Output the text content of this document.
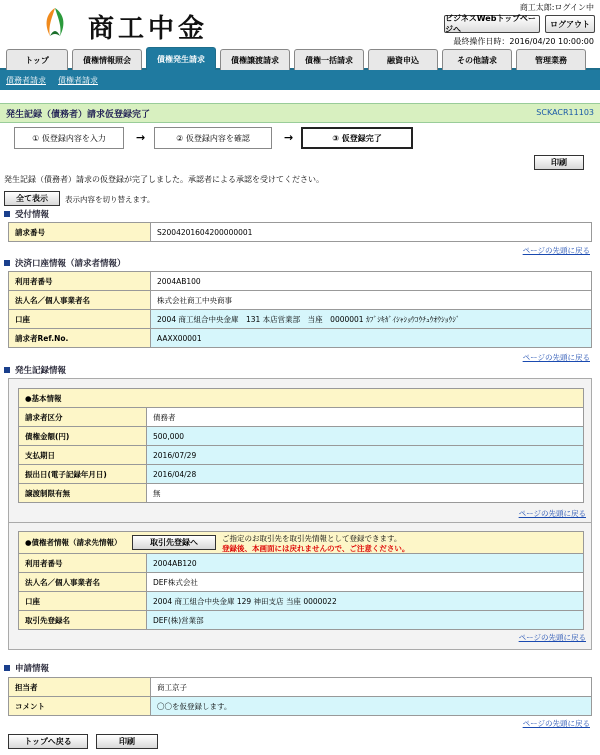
商工中金
商工太郎:ログイン中
ビジネスWebトップページへ
ログアウト
最終操作日時：2016/04/20 10:00:00
トップ	債権情報照会	債権発生請求	債権譲渡請求	債権一括請求	融資申込	その他請求	管理業務
債務者請求 債権者請求
発生記録（債務者）請求仮登録完了	SCKACR11103
① 仮登録内容を入力	→	② 仮登録内容を確認	→	③ 仮登録完了
印刷
発生記録（債務者）請求の仮登録が完了しました。承認者による承認を受けてください。
全て表示	表示内容を切り替えます。
受付情報
請求番号	S2004201604200000001
ページの先頭に戻る
決済口座情報（請求者情報）
利用者番号	2004AB100
法人名／個人事業者名	株式会社商工中央商事
口座	2004 商工組合中央金庫　131 本店営業部　当座　0000001 ｶﾌﾞｼｷｶﾞｲｼｬｼｮｳｺｳﾁｭｳｵｳｼｮｳｼﾞ
請求者Ref.No.	AAXX00001
ページの先頭に戻る
発生記録情報
●基本情報	
請求者区分	債務者
債権金額(円)	500,000
支払期日	2016/07/29
振出日(電子記録年月日)	2016/04/28
譲渡制限有無	無
ページの先頭に戻る
●債権者情報（請求先情報）	
利用者番号	2004AB120
法人名／個人事業者名	DEF株式会社
口座	2004 商工組合中央金庫 129 神田支店 当座 0000022
取引先登録名	DEF(株)営業部
取引先登録へ	ご指定のお取引先を取引先情報として登録できます。
登録後、本画面には戻れませんので、ご注意ください。
ページの先頭に戻る
申請情報
担当者	商工京子
コメント	〇〇を仮登録します。
ページの先頭に戻る
トップへ戻る	印刷
